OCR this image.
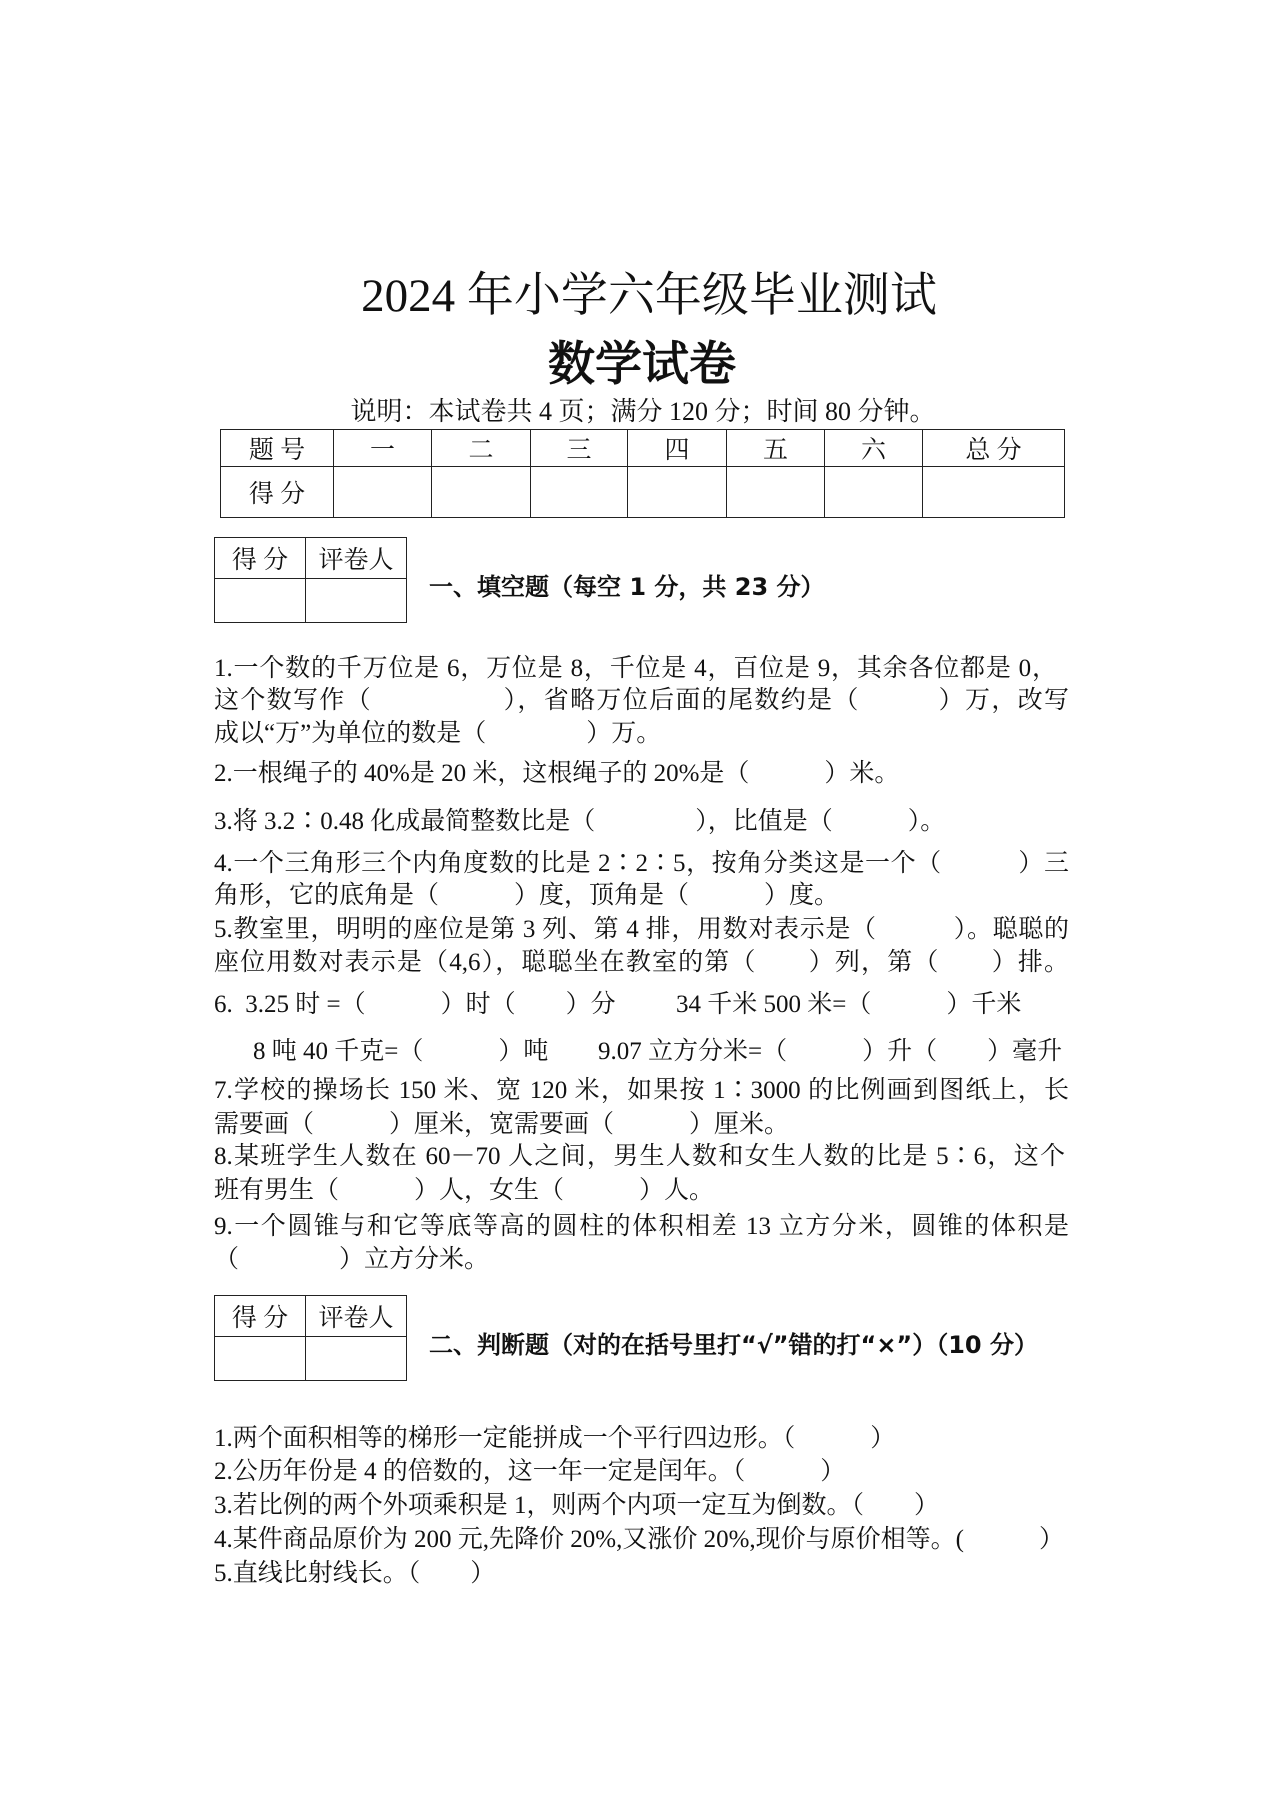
2024 年小学六年级毕业测试
数学试卷
说明：本试卷共 4 页；满分 120 分；时间 80 分钟。
题 号	一	二	三	四	五	六	总 分
得 分							
得 分	评卷人

一、填空题（每空 1 分，共 23 分）
1.一个数的千万位是 6，万位是 8，千位是 4，百位是 9，其余各位都是 0，
这个数写作（　　　　　），省略万位后面的尾数约是（　　　）万，改写
成以“万”为单位的数是（　　　　）万。
2.一根绳子的 40%是 20 米，这根绳子的 20%是（　　　）米。
3.将 3.2∶0.48 化成最简整数比是（　　　　），比值是（　　　）。
4.一个三角形三个内角度数的比是 2∶2∶5，按角分类这是一个（　　　）三
角形，它的底角是（　　　）度，顶角是（　　　）度。
5.教室里，明明的座位是第 3 列、第 4 排，用数对表示是（　　　）。聪聪的
座位用数对表示是（4,6），聪聪坐在教室的第（　　）列，第（　　）排。
6.  3.25 时 =（　　　）时（　　）分 34 千米 500 米=（　　　）千米
8 吨 40 千克=（　　　）吨 9.07 立方分米=（　　　）升（　　）毫升
7.学校的操场长 150 米、宽 120 米，如果按 1∶3000 的比例画到图纸上，长
需要画（　　　）厘米，宽需要画（　　　）厘米。
8.某班学生人数在 60－70 人之间，男生人数和女生人数的比是 5∶6，这个
班有男生（　　　）人，女生（　　　）人。
9.一个圆锥与和它等底等高的圆柱的体积相差 13 立方分米，圆锥的体积是
（　　　　）立方分米。
得 分	评卷人

二、判断题（对的在括号里打“√”错的打“×”）（10 分）
1.两个面积相等的梯形一定能拼成一个平行四边形。（　　　）
2.公历年份是 4 的倍数的，这一年一定是闰年。（　　　）
3.若比例的两个外项乘积是 1，则两个内项一定互为倒数。（　　）
4.某件商品原价为 200 元,先降价 20%,又涨价 20%,现价与原价相等。(　　　）
5.直线比射线长。（　　）
